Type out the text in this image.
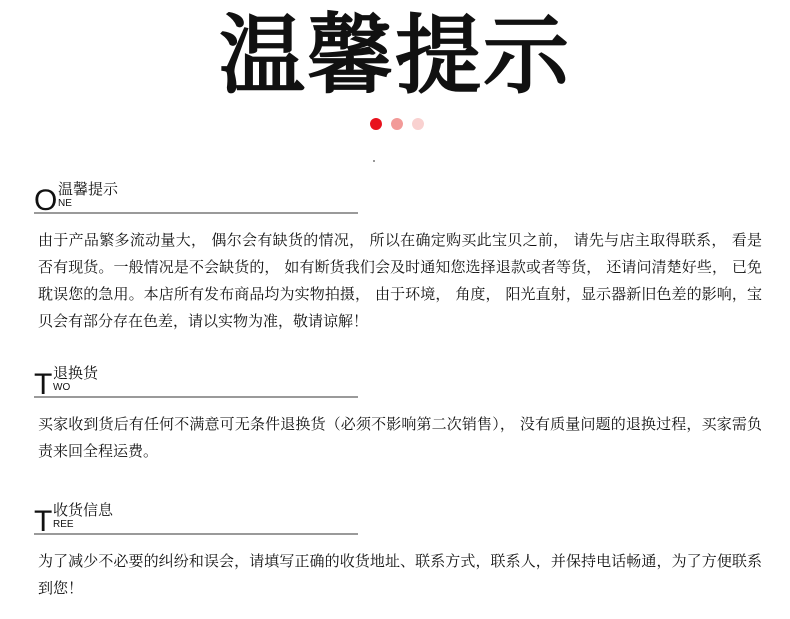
温馨提示
O 温馨提示
NE
由于产品繁多流动量大， 偶尔会有缺货的情况， 所以在确定购买此宝贝之前， 请先与店主取得联系， 看是否有现货。一般情况是不会缺货的， 如有断货我们会及时通知您选择退款或者等货， 还请问清楚好些， 已免耽误您的急用。本店所有发布商品均为实物拍摄， 由于环境， 角度， 阳光直射，显示器新旧色差的影响，宝贝会有部分存在色差，请以实物为准，敬请谅解！
T 退换货
WO
买家收到货后有任何不满意可无条件退换货（必须不影响第二次销售）， 没有质量问题的退换过程，买家需负责来回全程运费。
T 收货信息
REE
为了减少不必要的纠纷和误会，请填写正确的收货地址、联系方式，联系人，并保持电话畅通，为了方便联系到您！
